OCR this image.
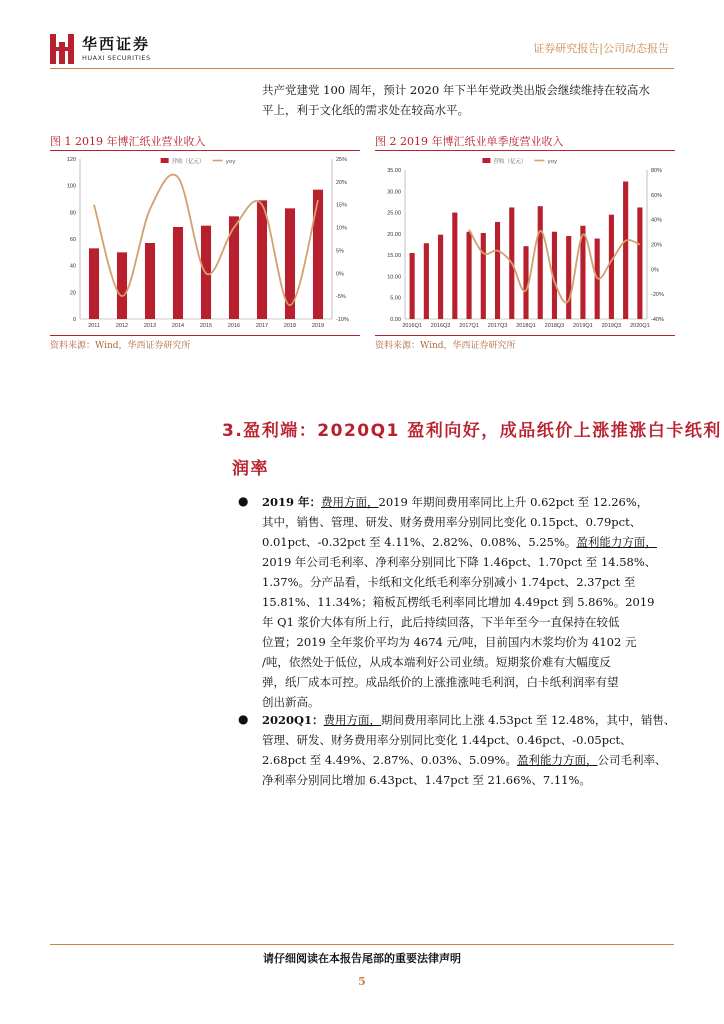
华西证券
HUAXI SECURITIES
证券研究报告|公司动态报告
共产党建党 100 周年，预计 2020 年下半年党政类出版会继续维持在较高水
平上，利于文化纸的需求处在较高水平。
图 1 2019 年博汇纸业营业收入
0
20
40
60
80
100
120
-10%
-5%
0%
5%
10%
15%
20%
25%
2011	2012	2013	2014	2015	2016	2017	2018	2019
营收（亿元）	yoy
资料来源：Wind，华西证券研究所
图 2 2019 年博汇纸业单季度营业收入
0.00
5.00
10.00
15.00
20.00
25.00
30.00
35.00
-40%
-20%
0%
20%
40%
60%
80%
2016Q1 2016Q3 2017Q1 2017Q3 2018Q1 2018Q3 2019Q1 2019Q3 2020Q1
营收（亿元）	yoy
资料来源：Wind，华西证券研究所
3.盈利端：2020Q1 盈利向好，成品纸价上涨推涨白卡纸利
润率
● 2019 年：费用方面，2019 年期间费用率同比上升 0.62pct 至 12.26%，
其中，销售、管理、研发、财务费用率分别同比变化 0.15pct、0.79pct、
0.01pct、-0.32pct 至 4.11%、2.82%、0.08%、5.25%。盈利能力方面，
2019 年公司毛利率、净利率分别同比下降 1.46pct、1.70pct 至 14.58%、
1.37%。分产品看，卡纸和文化纸毛利率分别减小 1.74pct、2.37pct 至
15.81%、11.34%；箱板瓦楞纸毛利率同比增加 4.49pct 到 5.86%。2019
年 Q1 浆价大体有所上行，此后持续回落，下半年至今一直保持在较低
位置；2019 全年浆价平均为 4674 元/吨，目前国内木浆均价为 4102 元
/吨，依然处于低位，从成本端利好公司业绩。短期浆价难有大幅度反
弹，纸厂成本可控。成品纸价的上涨推涨吨毛利润，白卡纸利润率有望
创出新高。
● 2020Q1：费用方面，期间费用率同比上涨 4.53pct 至 12.48%，其中，销售、
管理、研发、财务费用率分别同比变化 1.44pct、0.46pct、-0.05pct、
2.68pct 至 4.49%、2.87%、0.03%、5.09%。盈利能力方面，公司毛利率、
净利率分别同比增加 6.43pct、1.47pct 至 21.66%、7.11%。
请仔细阅读在本报告尾部的重要法律声明
5
